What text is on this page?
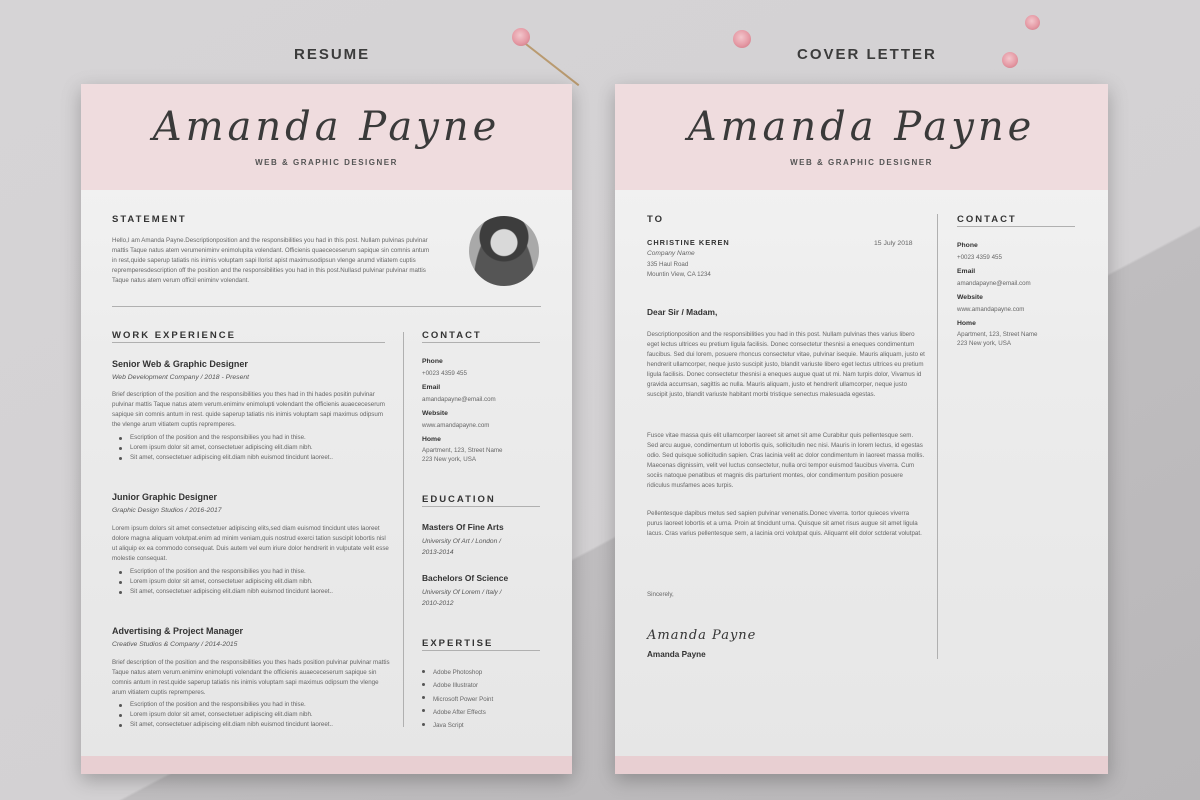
RESUME	COVER LETTER
Amanda Payne
WEB & GRAPHIC DESIGNER
STATEMENT

Hello,I am Amanda Payne.Descriptionposition and the responsibilities you had in this post. Nullam pulvinas pulvinar mattis Taque natus atem verumeniminv enimolupita volendant. Officienis quaececeserum sapique sin comnis antum in rest,quide saperup tatiatis nis inimis voluptam sapi llorist apist maximusodipsun vlenge arumd vitiatem cuptis repremperesdescription off the position and the responsibilities you had in this post.Nullasd pulvinar pulvinar mattis Taque natus atem verum officil eniminv volendant.

WORK EXPERIENCE
Senior Web & Graphic Designer
Web Development Company / 2018 - Present

Brief description of the position and the responsibilities you thes had in thi hades positin pulvinar pulvinar mattis Taque natus atem verum.eniminv enimolupti volendant the officienis auaececeserum sapique sin comnis antum in rest. quide saperup tatiatis nis inimis voluptam sapi maximus odipsum the vlenge arum vitiatem cuptis repremperes.

Escription of the position and the responsibilies you had in thise.
Lorem ipsum dolor sit amet, consectetuer adipiscing elit.diam nibh.
Sit amet, consectetuer adipiscing elit.diam nibh euismod tincidunt laoreet..
Junior Graphic Designer
Graphic Design Studios / 2016-2017

Lorem ipsum dolors sit amet consectetuer adipiscing elits,sed diam euismod tincidunt utes laoreet dolore magna aliquam volutpat.enim ad minim veniam,quis nostrud exerci tation suscipit lobortis nisl ut aliquip ex ea commodo consequat. Duis autem vel eum iriure dolor hendrerit in vulputate velit esse molestie consequat.

Escription of the position and the responsibilies you had in thise.
Lorem ipsum dolor sit amet, consectetuer adipiscing elit.diam nibh.
Sit amet, consectetuer adipiscing elit.diam nibh euismod tincidunt laoreet..
Advertising & Project Manager
Creative Studios & Company / 2014-2015

Brief description of the position and the responsibilities you thes hads position pulvinar pulvinar mattis Taque natus atem verum.eniminv enimolupti volendant the officienis auaececeserum sapique sin comnis antum in rest.quide saperup tatiatis nis inimis voluptam sapi maximus odipsum the vlenge arum vitiatem cuptis repremperes.

Escription of the position and the responsibilies you had in thise.
Lorem ipsum dolor sit amet, consectetuer adipiscing elit.diam nibh.
Sit amet, consectetuer adipiscing elit.diam nibh euismod tincidunt laoreet..
CONTACT
Phone
+0023 4359 455
Email
amandapayne@email.com
Website
www.amandapayne.com
Home
Apartment, 123, Street Name
223 New york, USA
EDUCATION
Masters Of Fine Arts
University Of Art / London /
2013-2014
Bachelors Of Science
University Of Lorem / Italy /
2010-2012
EXPERTISE
Adobe Photoshop
Adobe Illustrator
Microsoft Power Point
Adobe After Effects
Java Script
Amanda Payne
WEB & GRAPHIC DESIGNER
TO
CHRISTINE KEREN	15 July 2018
Company Name
335 Haul Road
Mountin View, CA 1234
Dear Sir / Madam,

Descriptionposition and the responsibilities you had in this post. Nullam pulvinas thes varius libero eget lectus ultrices eu pretium ligula facilisis. Donec consectetur thesnisi a eneques condimentum faucibus. Sed dui lorem, posuere rhoncus consectetur vitae, pulvinar isequie. Mauris aliquam, justo et hendrerit ullamcorper, neque justo suscipit justo, blandit variuste libero eget lectus ultrices eu pretium ligula facilisis. Donec consectetur thesnisi a eneques augue quat ut mi. Nam turpis dolor, Vivamus id gravida accumsan, sagittis ac nulla. Mauris aliquam, justo et hendrerit ullamcorper, neque justo suscipit justo, blandit variuste habitant morbi tristique senectus malesuada egestas.

Fusce vitae massa quis elit ullamcorper laoreet sit amet sit ame Curabitur quis pellentesque sem. Sed arcu augue, condimentum ut lobortis quis, sollicitudin nec nisi. Mauris in lorem lectus, id egestas odio. Sed quisque sollicitudin sapien. Cras lacinia velit ac dolor condimentum in laoreet massa mollis. Maecenas dignissim, velit vel luctus consectetur, nulla orci tempor euismod faucibus viverra. Cum sociis natoque penatibus et magnis dis parturient montes, olor condimentum position posuere ridiculus musfames aces turpis.

Pellentesque dapibus metus sed sapien pulvinar venenatis.Donec viverra. tortor quieces viverra purus laoreet lobortis et a urna. Proin at tincidunt urna. Quisque sit amet risus augue sit amet ligula lacus. Cras varius pellentesque sem, a lacinia orci volutpat quis. Aliquamt elit dolor sctderat volutpat.

Sincerely,
Amanda Payne
Amanda Payne
CONTACT
Phone
+0023 4359 455
Email
amandapayne@email.com
Website
www.amandapayne.com
Home
Apartment, 123, Street Name
223 New york, USA
